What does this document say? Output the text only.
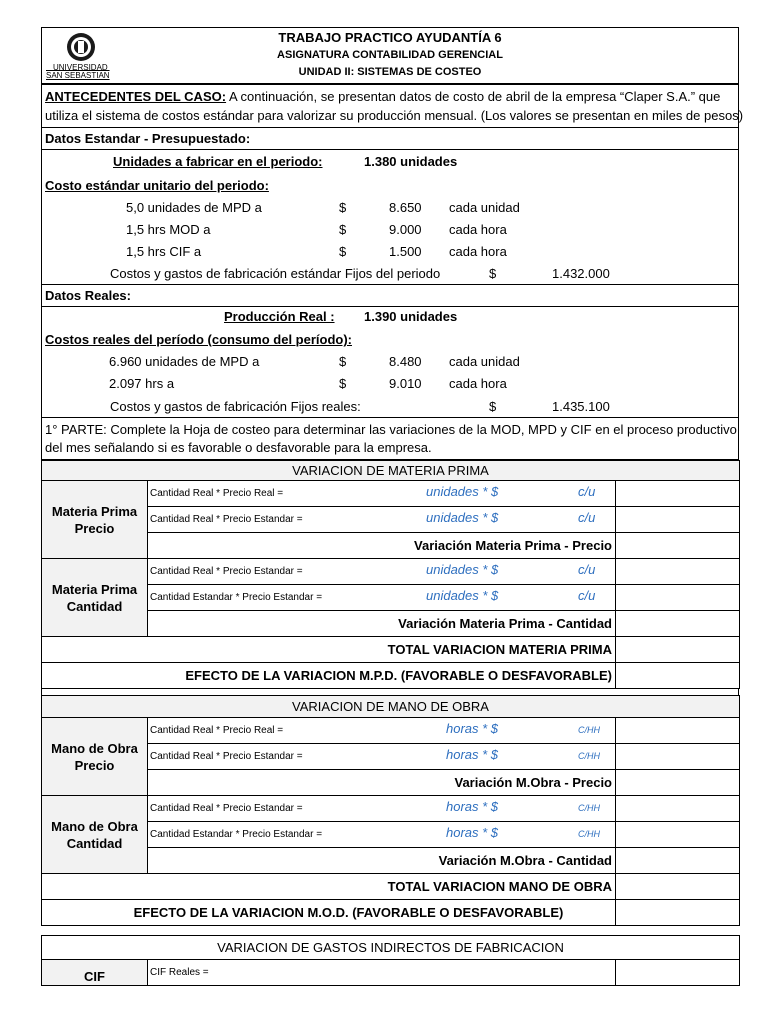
UNIVERSIDAD
SAN SEBASTIAN
TRABAJO PRACTICO AYUDANTÍA 6
ASIGNATURA CONTABILIDAD GERENCIAL
UNIDAD II: SISTEMAS DE COSTEO
ANTECEDENTES DEL CASO: A continuación, se presentan datos de costo de abril de la empresa “Claper S.A.” que
utiliza el sistema de costos estándar para valorizar su producción mensual. (Los valores se presentan en miles de pesos)
Datos Estandar - Presupuestado:
Unidades a fabricar en el periodo:	1.380 unidades
Costo estándar unitario del periodo:
5,0 unidades de MPD a	$	8.650 cada unidad
1,5 hrs MOD a	$	9.000 cada hora
1,5 hrs CIF a	$	1.500 cada hora
Costos y gastos de fabricación estándar Fijos del periodo	$	1.432.000
Datos Reales:
Producción Real : 1.390 unidades
Costos reales del período (consumo del período):
6.960 unidades de MPD a	$	8.480 cada unidad
2.097 hrs a	$	9.010 cada hora
Costos y gastos de fabricación Fijos reales:	$	1.435.100
1° PARTE: Complete la Hoja de costeo para determinar las variaciones de la MOD, MPD y CIF en el proceso productivo
del mes señalando si es favorable o desfavorable para la empresa.
VARIACION DE MATERIA PRIMA		
Materia Prima Precio	Cantidad Real * Precio Real = unidades * $ c/u	

	Cantidad Real * Precio Estandar = unidades * $ c/u	

	Variación Materia Prima - Precio	
Materia Prima Cantidad	Cantidad Real * Precio Estandar = unidades * $ c/u	

	Cantidad Estandar * Precio Estandar = unidades * $ c/u	

	Variación Materia Prima - Cantidad	
TOTAL VARIACION MATERIA PRIMA		
EFECTO DE LA VARIACION M.P.D. (FAVORABLE O DESFAVORABLE)		
VARIACION DE MANO DE OBRA		
Mano de Obra Precio	Cantidad Real * Precio Real = horas * $ C/HH	

	Cantidad Real * Precio Estandar = horas * $ C/HH	

	Variación M.Obra - Precio	
Mano de Obra Cantidad	Cantidad Real * Precio Estandar = horas * $ C/HH	

	Cantidad Estandar * Precio Estandar = horas * $ C/HH	

	Variación M.Obra - Cantidad	
TOTAL VARIACION MANO DE OBRA		
EFECTO DE LA VARIACION M.O.D. (FAVORABLE O DESFAVORABLE)		
VARIACION DE GASTOS INDIRECTOS DE FABRICACION
CIF	CIF Reales =
